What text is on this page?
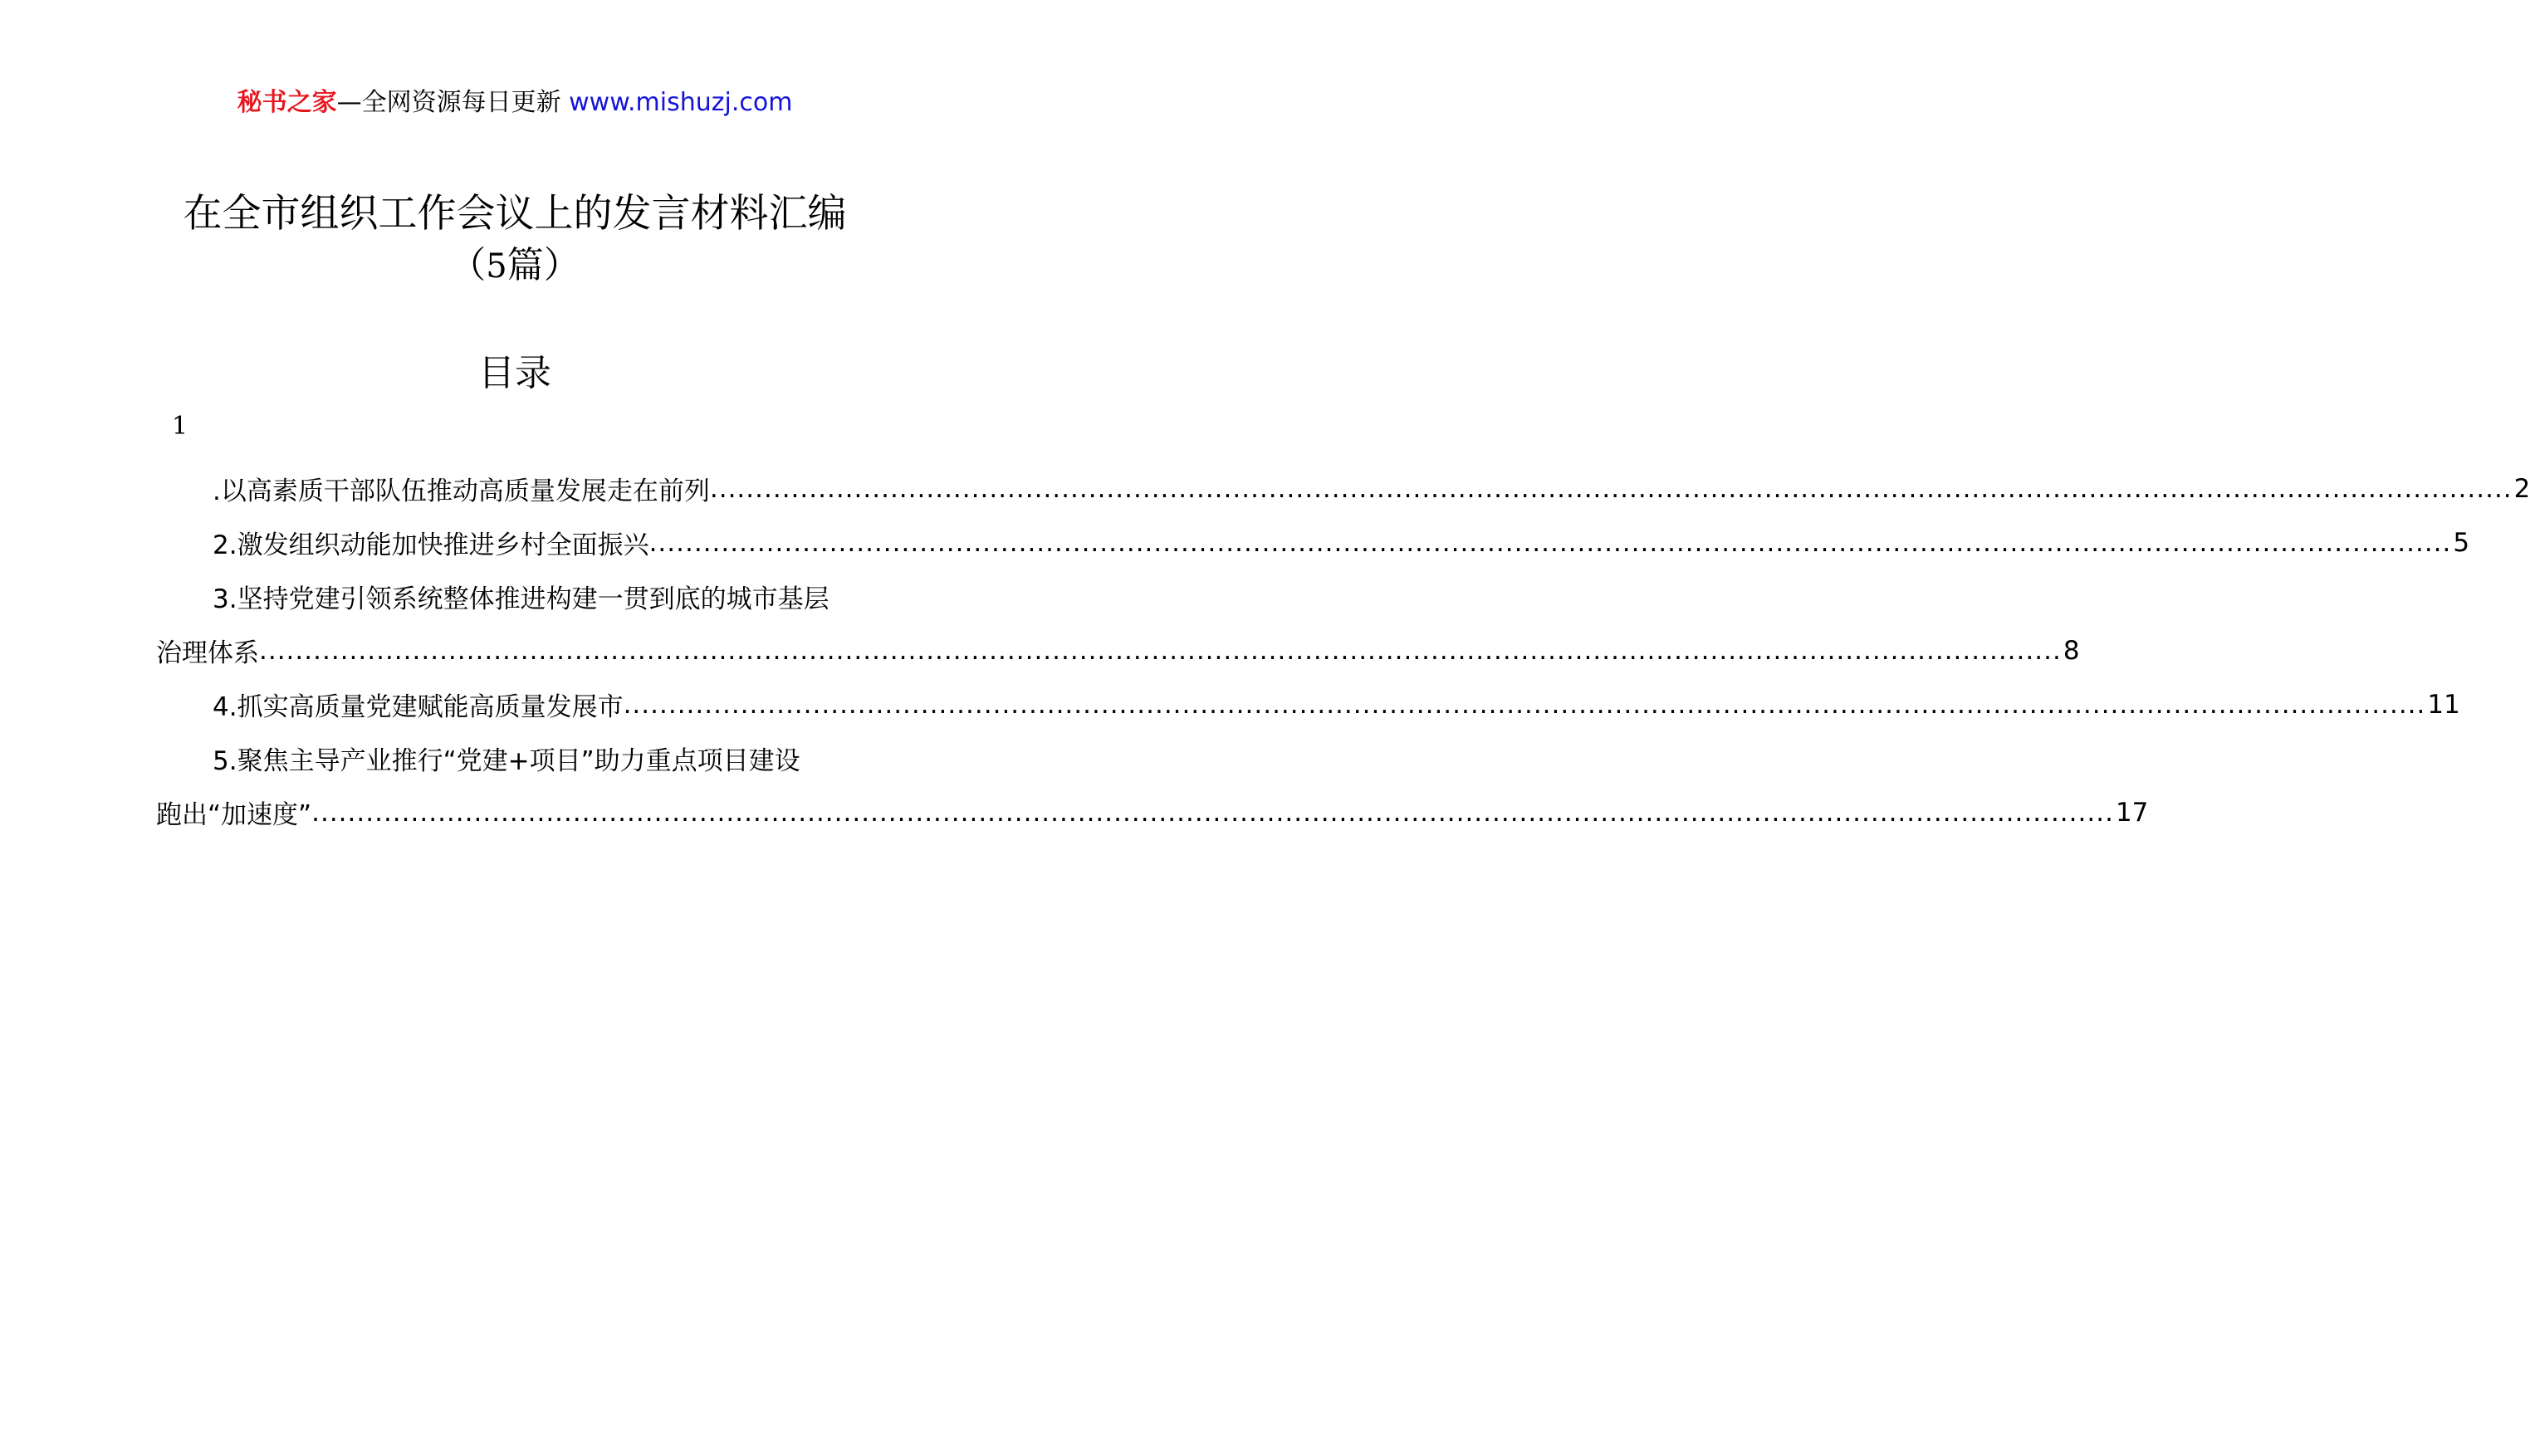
秘书之家—全网资源每日更新 www.mishuzj.com
在全市组织工作会议上的发言材料汇编
（5篇）
目录
1
.以高素质干部队伍推动高质量发展走在前列 ........................................................................................................................................................................................................ 2
2.激发组织动能加快推进乡村全面振兴 ........................................................................................................................................................................................................ 5
3.坚持党建引领系统整体推进构建一贯到底的城市基层
治理体系 ........................................................................................................................................................................................................ 8
4.抓实高质量党建赋能高质量发展市 ........................................................................................................................................................................................................ 11
5.聚焦主导产业推行“党建+项目”助力重点项目建设
跑出“加速度” ........................................................................................................................................................................................................ 17
